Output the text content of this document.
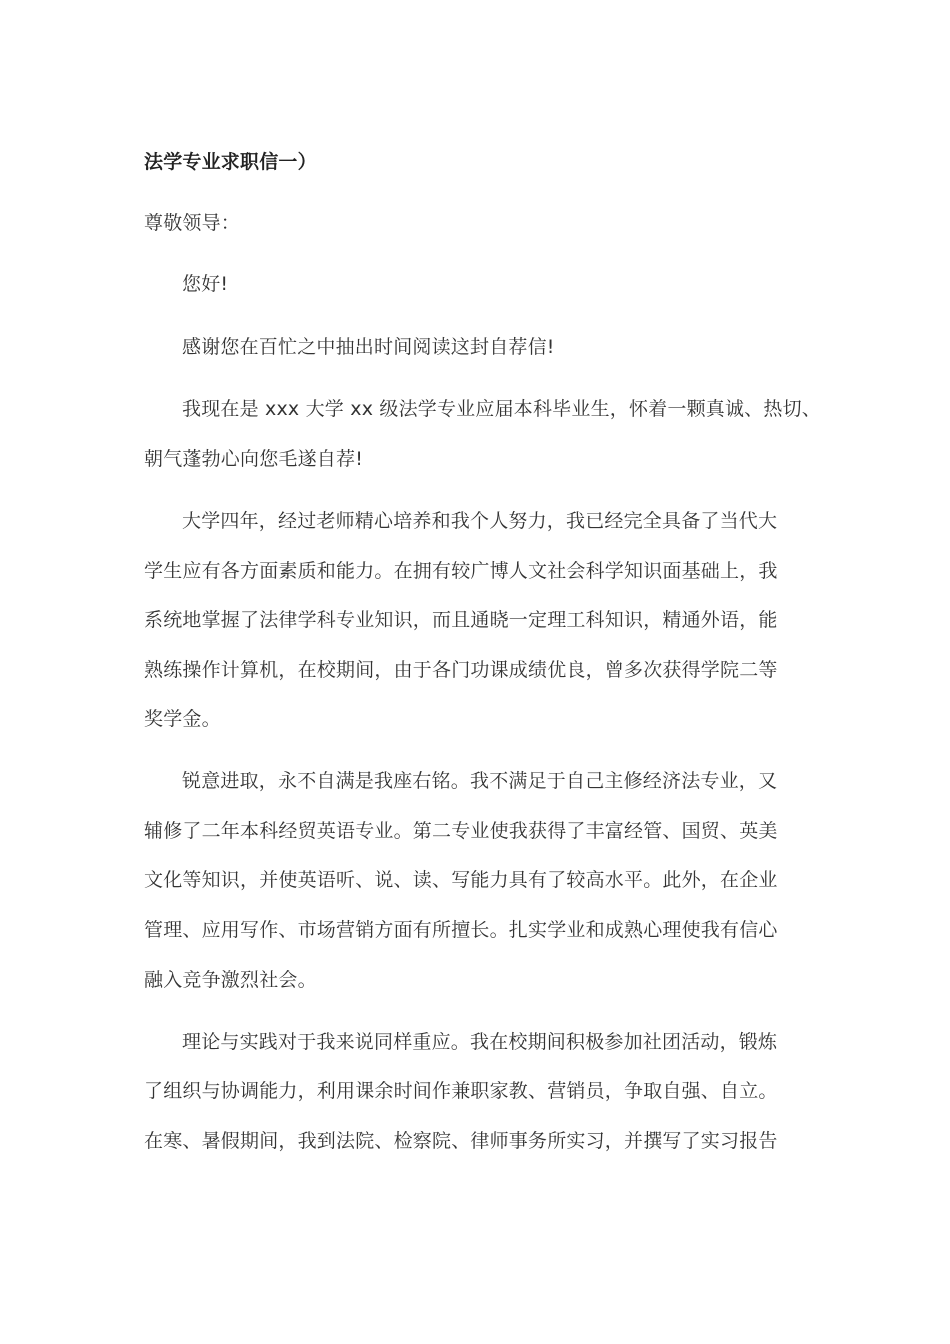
法学专业求职信一）
尊敬领导：
您好!
感谢您在百忙之中抽出时间阅读这封自荐信!
我现在是 xxx 大学 xx 级法学专业应届本科毕业生，怀着一颗真诚、热切、
朝气蓬勃心向您毛遂自荐!
大学四年，经过老师精心培养和我个人努力，我已经完全具备了当代大
学生应有各方面素质和能力。在拥有较广博人文社会科学知识面基础上，我
系统地掌握了法律学科专业知识，而且通晓一定理工科知识，精通外语，能
熟练操作计算机，在校期间，由于各门功课成绩优良，曾多次获得学院二等
奖学金。
锐意进取，永不自满是我座右铭。我不满足于自己主修经济法专业，又
辅修了二年本科经贸英语专业。第二专业使我获得了丰富经管、国贸、英美
文化等知识，并使英语听、说、读、写能力具有了较高水平。此外，在企业
管理、应用写作、市场营销方面有所擅长。扎实学业和成熟心理使我有信心
融入竞争激烈社会。
理论与实践对于我来说同样重应。我在校期间积极参加社团活动，锻炼
了组织与协调能力，利用课余时间作兼职家教、营销员，争取自强、自立。
在寒、暑假期间，我到法院、检察院、律师事务所实习，并撰写了实习报告
